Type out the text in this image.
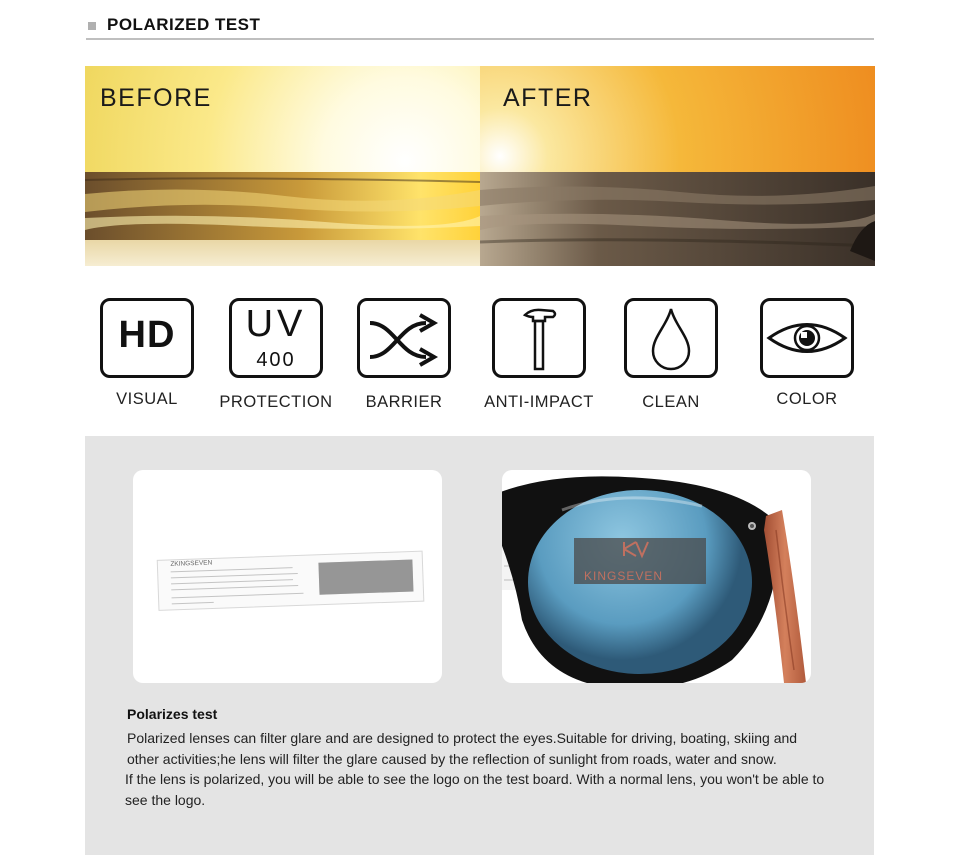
POLARIZED TEST
BEFORE	AFTER
HD
VISUAL
UV
400
PROTECTION	BARRIER	ANTI-IMPACT	CLEAN	COLOR
ZKINGSEVEN
KINGSEVEN
Polarizes test

Polarized lenses can filter glare and are designed to protect the eyes.Suitable for driving, boating, skiing and other activities;he lens will filter the glare caused by the reflection of sunlight from roads, water and snow.

If the lens is polarized, you will be able to see the logo on the test board. With a normal lens, you won't be able to see the logo.
